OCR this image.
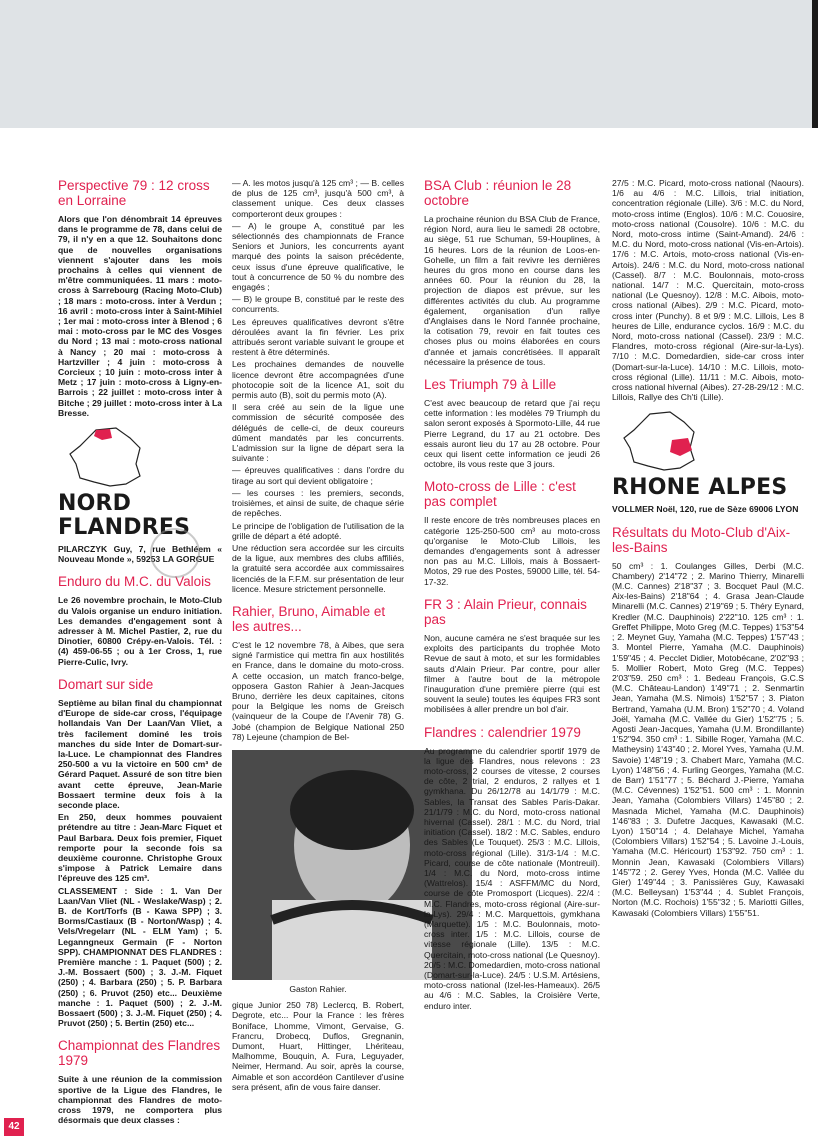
Perspective 79 : 12 cross en Lorraine

Alors que l'on dénombrait 14 épreuves dans le programme de 78, dans celui de 79, il n'y en a que 12. Souhaitons donc que de nouvelles organisations viennent s'ajouter dans les mois prochains à celles qui viennent de m'être communiquées. 11 mars : moto-cross à Sarrebourg (Racing Moto-Club) ; 18 mars : moto-cross. inter à Verdun ; 16 avril : moto-cross inter à Saint-Mihiel ; 1er mai : moto-cross inter à Blenod ; 6 mai : moto-cross par le MC des Vosges du Nord ; 13 mai : moto-cross national à Nancy ; 20 mai : moto-cross à Hartzviller ; 4 juin : moto-cross à Corcieux ; 10 juin : moto-cross inter à Metz ; 17 juin : moto-cross à Ligny-en-Barrois ; 22 juillet : moto-cross inter à Bitche ; 29 juillet : moto-cross inter à La Bresse.

NORD FLANDRES

PILARCZYK Guy, 7, rue Bethléem « Nouveau Monde », 59253 LA GORGUE

Enduro du M.C. du Valois

Le 26 novembre prochain, le Moto-Club du Valois organise un enduro initiation. Les demandes d'engagement sont à adresser à M. Michel Pastier, 2, rue du Dinotier, 60800 Crépy-en-Valois. Tél. : (4) 459-06-55 ; ou à 1er Cross, 1, rue Pierre-Culic, Ivry.

Domart sur side

Septième au bilan final du championnat d'Europe de side-car cross, l'équipage hollandais Van Der Laan/Van Vliet, a très facilement dominé les trois manches du side Inter de Domart-sur-la-Luce. Le championnat des Flandres 250-500 a vu la victoire en 500 cm³ de Gérard Paquet. Assuré de son titre bien avant cette épreuve, Jean-Marie Bossaert termine deux fois à la seconde place.

En 250, deux hommes pouvaient prétendre au titre : Jean-Marc Fiquet et Paul Barbara. Deux fois premier, Fiquet remporte pour la seconde fois sa deuxième couronne. Christophe Groux s'impose à Patrick Lemaire dans l'épreuve des 125 cm³.

CLASSEMENT : Side : 1. Van Der Laan/Van Vliet (NL - Weslake/Wasp) ; 2. B. de Kort/Torfs (B - Kawa SPP) ; 3. Borms/Castiaux (B - Norton/Wasp) ; 4. Vels/Vregelarr (NL - ELM Yam) ; 5. Leganngneux Germain (F - Norton SPP). CHAMPIONNAT DES FLANDRES : Première manche : 1. Paquet (500) ; 2. J.-M. Bossaert (500) ; 3. J.-M. Fiquet (250) ; 4. Barbara (250) ; 5. P. Barbara (250) ; 6. Pruvot (250) etc... Deuxième manche : 1. Paquet (500) ; 2. J.-M. Bossaert (500) ; 3. J.-M. Fiquet (250) ; 4. Pruvot (250) ; 5. Bertin (250) etc...

Championnat des Flandres 1979

Suite à une réunion de la commission sportive de la Ligue des Flandres, le championnat des Flandres de moto-cross 1979, ne comportera plus désormais que deux classes :

— A. les motos jusqu'à 125 cm³ ; — B. celles de plus de 125 cm³, jusqu'à 500 cm³, à classement unique. Ces deux classes comporteront deux groupes :

— A) le groupe A, constitué par les sélectionnés des championnats de France Seniors et Juniors, les concurrents ayant marqué des points la saison précédente, ceux issus d'une épreuve qualificative, le tout à concurrence de 50 % du nombre des engagés ;

— B) le groupe B, constitué par le reste des concurrents.

Les épreuves qualificatives devront s'être déroulées avant la fin février. Les prix attribués seront variable suivant le groupe et restent à être déterminés.

Les prochaines demandes de nouvelle licence devront être accompagnées d'une photocopie soit de la licence A1, soit du permis auto (B), soit du permis moto (A).

Il sera créé au sein de la ligue une commission de sécurité composée des délégués de celle-ci, de deux coureurs dûment mandatés par les concurrents. L'admission sur la ligne de départ sera la suivante :

— épreuves qualificatives : dans l'ordre du tirage au sort qui devient obligatoire ;

— les courses : les premiers, seconds, troisièmes, et ainsi de suite, de chaque série de repêches.

Le principe de l'obligation de l'utilisation de la grille de départ a été adopté.

Une réduction sera accordée sur les circuits de la ligue, aux membres des clubs affiliés, la gratuité sera accordée aux commissaires licenciés de la F.F.M. sur présentation de leur licence. Mesure strictement personnelle.

Rahier, Bruno, Aimable et les autres...

C'est le 12 novembre 78, à Aibes, que sera signé l'armistice qui mettra fin aux hostilités en France, dans le domaine du moto-cross. A cette occasion, un match franco-belge, opposera Gaston Rahier à Jean-Jacques Bruno, derrière les deux capitaines, citons pour la Belgique les noms de Greisch (vainqueur de la Coupe de l'Avenir 78) G. Jobé (champion de Belgique National 250 78) Lejeune (champion de Bel-

Gaston Rahier.

gique Junior 250 78) Leclercq, B. Robert, Degrote, etc... Pour la France : les frères Boniface, Lhomme, Vimont, Gervaise, G. Francru, Drobecq, Duflos, Gregnanin, Dumont, Huart, Hittinger, Lhériteau, Malhomme, Bouquin, A. Fura, Leguyader, Neimer, Hermand. Au soir, après la course, Aimable et son accordéon Cantilever d'usine sera présent, afin de vous faire danser.

BSA Club : réunion le 28 octobre

La prochaine réunion du BSA Club de France, région Nord, aura lieu le samedi 28 octobre, au siège, 51 rue Schuman, 59-Houplines, à 16 heures. Lors de la réunion de Loos-en-Gohelle, un film a fait revivre les dernières heures du gros mono en course dans les années 60. Pour la réunion du 28, la projection de diapos est prévue, sur les différentes activités du club. Au programme également, organisation d'un rallye d'Anglaises dans le Nord l'année prochaine, la cotisation 79, revoir en fait toutes ces choses plus ou moins élaborées en cours d'année et jamais concrétisées. Il apparaît nécessaire la présence de tous.

Les Triumph 79 à Lille

C'est avec beaucoup de retard que j'ai reçu cette information : les modèles 79 Triumph du salon seront exposés à Spormoto-Lille, 44 rue Pierre Legrand, du 17 au 21 octobre. Des essais auront lieu du 17 au 28 octobre. Pour ceux qui lisent cette information ce jeudi 26 octobre, ils vous reste que 3 jours.

Moto-cross de Lille : c'est pas complet

Il reste encore de très nombreuses places en catégorie 125-250-500 cm³ au moto-cross qu'organise le Moto-Club Lillois, les demandes d'engagements sont à adresser non pas au M.C. Lillois, mais à Bossaert-Motos, 29 rue des Postes, 59000 Lille, tél. 54-17-32.

FR 3 : Alain Prieur, connais pas

Non, aucune caméra ne s'est braquée sur les exploits des participants du trophée Moto Revue de saut à moto, et sur les formidables sauts d'Alain Prieur. Par contre, pour aller filmer à l'autre bout de la métropole l'inauguration d'une première pierre (qui est souvent la seule) toutes les équipes FR3 sont mobilisées à aller prendre un bol d'air.

Flandres : calendrier 1979

Au programme du calendrier sportif 1979 de la ligue des Flandres, nous relevons : 23 moto-cross, 2 courses de vitesse, 2 courses de côte, 2 trial, 2 enduros, 2 rallyes et 1 gymkhana. Du 26/12/78 au 14/1/79 : M.C. Sables, la Transat des Sables Paris-Dakar. 21/1/79 : M.C. du Nord, moto-cross national hivernal (Cassel). 28/1 : M.C. du Nord, trial initiation (Cassel). 18/2 : M.C. Sables, enduro des Sables (Le Touquet). 25/3 : M.C. Lillois, moto-cross régional (Lille). 31/3-1/4 : M.C. Picard, course de côte nationale (Montreuil). 1/4 : M.C. du Nord, moto-cross intime (Wattrelos). 15/4 : ASFFM/MC du Nord, course de côte Promosport (Licques). 22/4 : M.C. Flandres, moto-cross régional (Aire-sur-la-Lys). 29/4 : M.C. Marquettois, gymkhana (Marquette). 1/5 : M.C. Boulonnais, moto-cross inter. 1/5 : M.C. Lillois, course de vitesse régionale (Lille). 13/5 : M.C. Quercitain, moto-cross national (Le Quesnoy). 20/5 : M.C. Domedardien, moto-cross national (Domart-sur-la-Luce). 24/5 : U.S.M. Artésiens, moto-cross national (Izel-les-Hameaux). 26/5 au 4/6 : M.C. Sables, la Croisière Verte, enduro inter.

27/5 : M.C. Picard, moto-cross national (Naours). 1/6 au 4/6 : M.C. Lillois, trial initiation, concentration régionale (Lille). 3/6 : M.C. du Nord, moto-cross intime (Englos). 10/6 : M.C. Couosire, moto-cross national (Cousolre). 10/6 : M.C. du Nord, moto-cross intime (Saint-Amand). 24/6 : M.C. du Nord, moto-cross national (Vis-en-Artois). 17/6 : M.C. Artois, moto-cross national (Vis-en-Artois). 24/6 : M.C. du Nord, moto-cross national (Cassel). 8/7 : M.C. Boulonnais, moto-cross national. 14/7 : M.C. Quercitain, moto-cross national (Le Quesnoy). 12/8 : M.C. Aibois, moto-cross national (Aibes). 2/9 : M.C. Picard, moto-cross inter (Punchy). 8 et 9/9 : M.C. Lillois, Les 8 heures de Lille, endurance cyclos. 16/9 : M.C. du Nord, moto-cross national (Cassel). 23/9 : M.C. Flandres, moto-cross régional (Aire-sur-la-Lys). 7/10 : M.C. Domedardien, side-car cross inter (Domart-sur-la-Luce). 14/10 : M.C. Lillois, moto-cross régional (Lille). 11/11 : M.C. Aibois, moto-cross national hivernal (Aibes). 27-28-29/12 : M.C. Lillois, Rallye des Ch'ti (Lille).

RHONE ALPES

VOLLMER Noël, 120, rue de Sèze 69006 LYON

Résultats du Moto-Club d'Aix-les-Bains

50 cm³ : 1. Coulanges Gilles, Derbi (M.C. Chambery) 2'14"72 ; 2. Marino Thierry, Minarelli (M.C. Cannes) 2'18"37 ; 3. Bocquet Paul (M.C. Aix-les-Bains) 2'18"64 ; 4. Grasa Jean-Claude Minarelli (M.C. Cannes) 2'19"69 ; 5. Théry Eynard, Kredler (M.C. Dauphinois) 2'22"10. 125 cm³ : 1. Greffet Philippe, Moto Greg (M.C. Teppes) 1'53"54 ; 2. Meynet Guy, Yamaha (M.C. Teppes) 1'57"43 ; 3. Montel Pierre, Yamaha (M.C. Dauphinois) 1'59"45 ; 4. Pecclet Didier, Motobécane, 2'02"93 ; 5. Mollier Robert, Moto Greg (M.C. Teppes) 2'03"59. 250 cm³ : 1. Bedeau François, G.C.S (M.C. Château-Landon) 1'49"71 ; 2. Senmartin Jean, Yamaha (M.S. Nimois) 1'52"57 ; 3. Piaton Bertrand, Yamaha (U.M. Bron) 1'52"70 ; 4. Voland Joël, Yamaha (M.C. Vallée du Gier) 1'52"75 ; 5. Agosti Jean-Jacques, Yamaha (U.M. Brondillante) 1'52"94. 350 cm³ : 1. Sibille Roger, Yamaha (M.C. Matheysin) 1'43"40 ; 2. Morel Yves, Yamaha (U.M. Savoie) 1'48"19 ; 3. Chabert Marc, Yamaha (M.C. Lyon) 1'48"56 ; 4. Furling Georges, Yamaha (M.C. de Barr) 1'51"77 ; 5. Béchard J.-Pierre, Yamaha (M.C. Cévennes) 1'52"51. 500 cm³ : 1. Monnin Jean, Yamaha (Colombiers Villars) 1'45"80 ; 2. Masnada Michel, Yamaha (M.C. Dauphinois) 1'46"83 ; 3. Dufetre Jacques, Kawasaki (M.C. Lyon) 1'50"14 ; 4. Delahaye Michel, Yamaha (Colombiers Villars) 1'52"54 ; 5. Lavoine J.-Louis, Yamaha (M.C. Héricourt) 1'53"92. 750 cm³ : 1. Monnin Jean, Kawasaki (Colombiers Villars) 1'45"72 ; 2. Gerey Yves, Honda (M.C. Vallée du Gier) 1'49"44 ; 3. Panissières Guy, Kawasaki (M.C. Belleysan) 1'53"44 ; 4. Sublet François, Norton (M.C. Rochois) 1'55"32 ; 5. Mariotti Gilles, Kawasaki (Colombiers Villars) 1'55"51.

42
